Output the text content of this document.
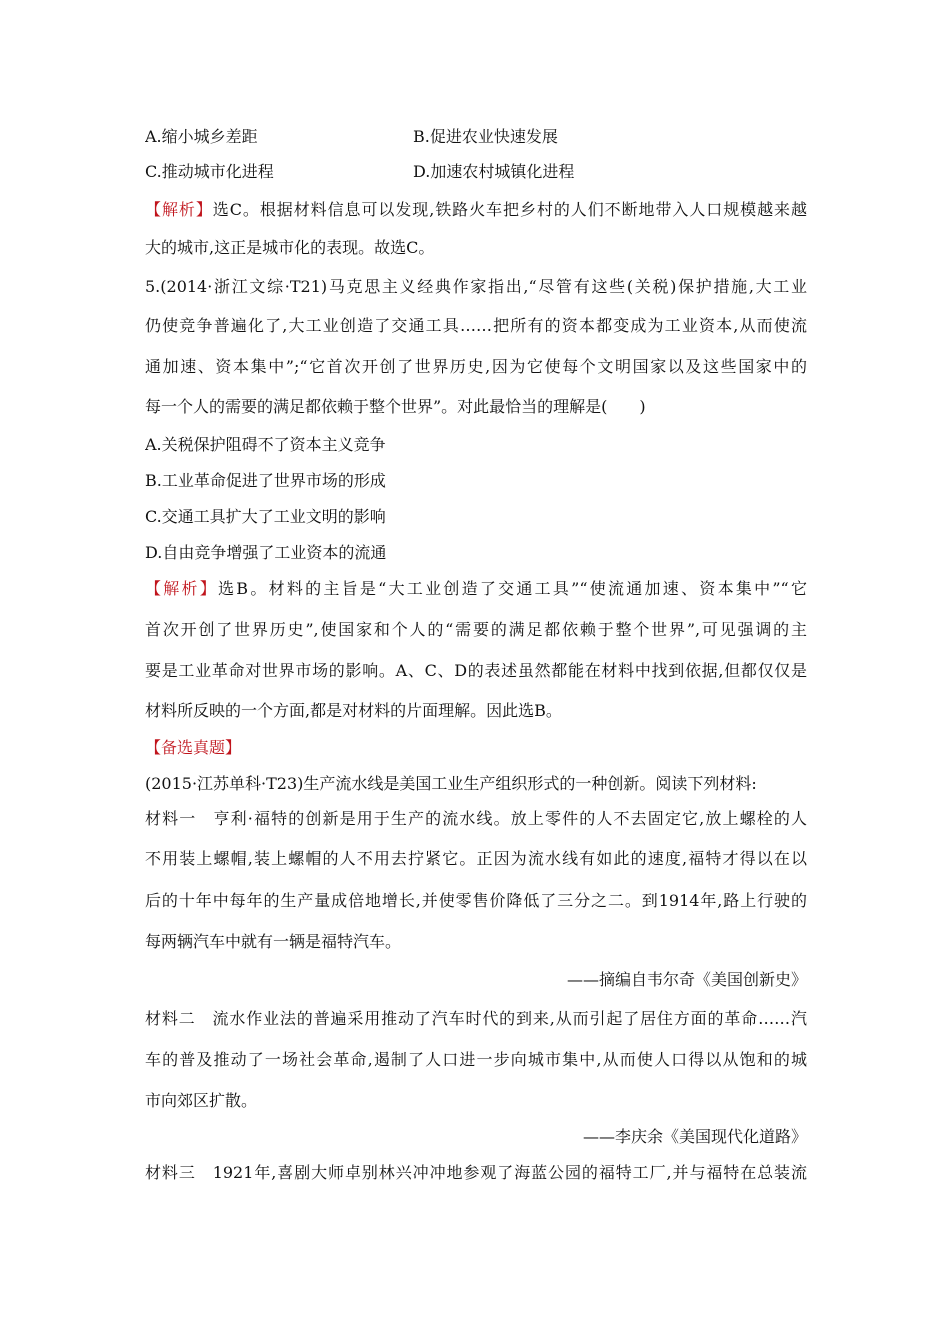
A.缩小城乡差距	B.促进农业快速发展
C.推动城市化进程	D.加速农村城镇化进程
【解析】选C。根据材料信息可以发现,铁路火车把乡村的人们不断地带入人口规模越来越
大的城市,这正是城市化的表现。故选C。
5.(2014·浙江文综·T21)马克思主义经典作家指出,“尽管有这些(关税)保护措施,大工业
仍使竞争普遍化了,大工业创造了交通工具……把所有的资本都变成为工业资本,从而使流
通加速、资本集中”;“它首次开创了世界历史,因为它使每个文明国家以及这些国家中的
每一个人的需要的满足都依赖于整个世界”。对此最恰当的理解是(　　)
A.关税保护阻碍不了资本主义竞争
B.工业革命促进了世界市场的形成
C.交通工具扩大了工业文明的影响
D.自由竞争增强了工业资本的流通
【解析】选B。材料的主旨是“大工业创造了交通工具”“使流通加速、资本集中”“它
首次开创了世界历史”,使国家和个人的“需要的满足都依赖于整个世界”,可见强调的主
要是工业革命对世界市场的影响。A、C、D的表述虽然都能在材料中找到依据,但都仅仅是
材料所反映的一个方面,都是对材料的片面理解。因此选B。
【备选真题】
(2015·江苏单科·T23)生产流水线是美国工业生产组织形式的一种创新。阅读下列材料:
材料一　亨利·福特的创新是用于生产的流水线。放上零件的人不去固定它,放上螺栓的人
不用装上螺帽,装上螺帽的人不用去拧紧它。正因为流水线有如此的速度,福特才得以在以
后的十年中每年的生产量成倍地增长,并使零售价降低了三分之二。到1914年,路上行驶的
每两辆汽车中就有一辆是福特汽车。
——摘编自韦尔奇《美国创新史》
材料二　流水作业法的普遍采用推动了汽车时代的到来,从而引起了居住方面的革命……汽
车的普及推动了一场社会革命,遏制了人口进一步向城市集中,从而使人口得以从饱和的城
市向郊区扩散。
——李庆余《美国现代化道路》
材料三　1921年,喜剧大师卓别林兴冲冲地参观了海蓝公园的福特工厂,并与福特在总装流
